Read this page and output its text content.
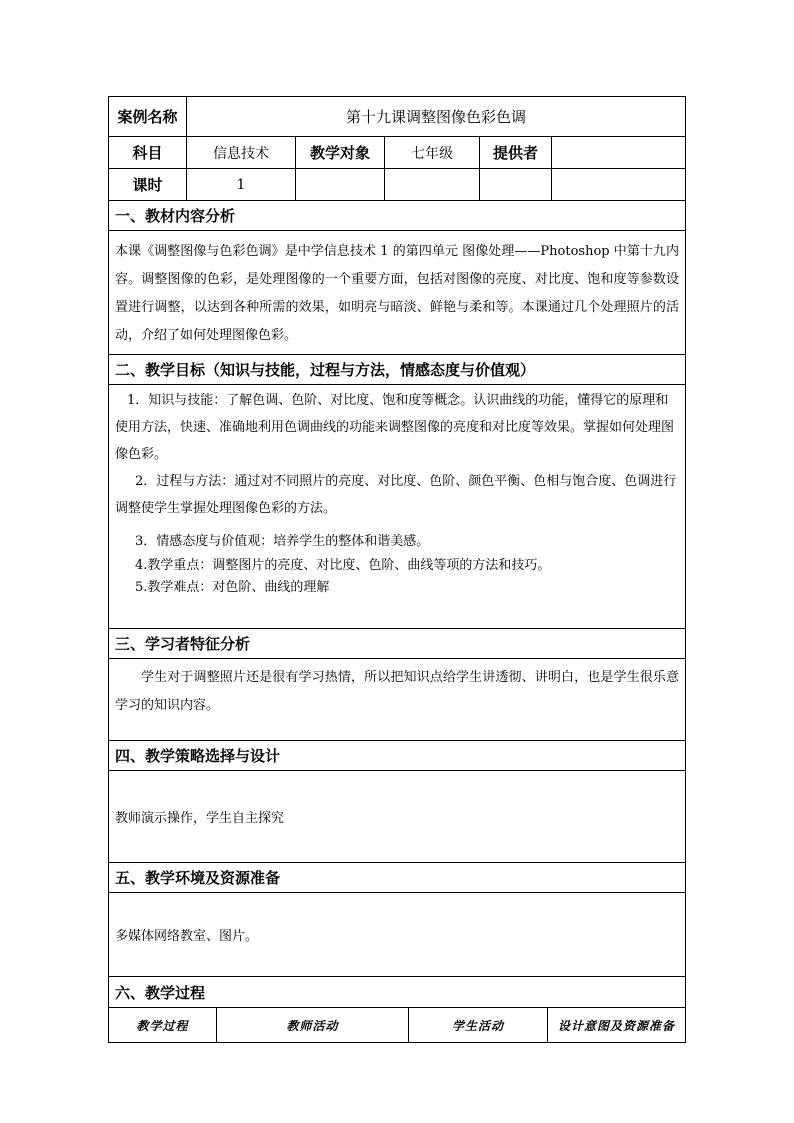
案例名称	第十九课调整图像色彩色调				
科目	信息技术	教学对象	七年级	提供者	
课时	1				
一、教材内容分析					
本课《调整图像与色彩色调》是中学信息技术 1 的第四单元 图像处理——Photoshop 中第十九内容。调整图像的色彩，是处理图像的一个重要方面，包括对图像的亮度、对比度、饱和度等参数设置进行调整，以达到各种所需的效果，如明亮与暗淡、鲜艳与柔和等。本课通过几个处理照片的活动，介绍了如何处理图像色彩。					
二、教学目标（知识与技能，过程与方法，情感态度与价值观）					

1．知识与技能：了解色调、色阶、对比度、饱和度等概念。认识曲线的功能，懂得它的原理和使用方法，快速、准确地利用色调曲线的功能来调整图像的亮度和对比度等效果。掌握如何处理图像色彩。

2．过程与方法：通过对不同照片的亮度、对比度、色阶、颜色平衡、色相与饱合度、色调进行调整使学生掌握处理图像色彩的方法。

3．情感态度与价值观：培养学生的整体和谐美感。

4.教学重点：调整图片的亮度、对比度、色阶、曲线等项的方法和技巧。

5.教学难点：对色阶、曲线的理解					

三、学习者特征分析					
学生对于调整照片还是很有学习热情，所以把知识点给学生讲透彻、讲明白，也是学生很乐意学习的知识内容。					
四、教学策略选择与设计					
教师演示操作，学生自主探究					
五、教学环境及资源准备					
多媒体网络教室、图片。					
六、教学过程					
教学过程	教师活动	学生活动	设计意图及资源准备
